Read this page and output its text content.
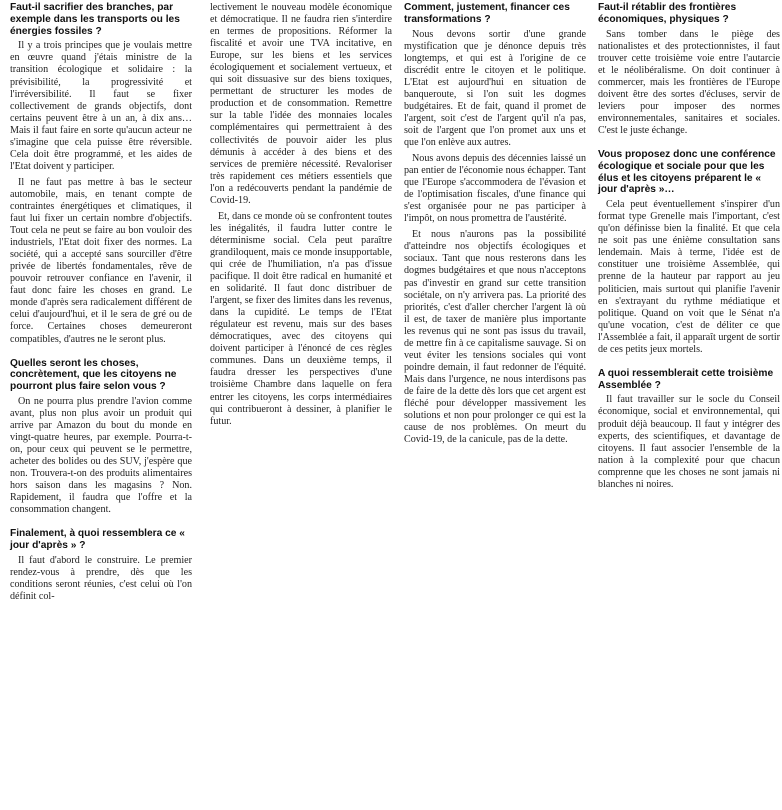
Faut-il sacrifier des branches, par exemple dans les transports ou les énergies fossiles ?

Il y a trois principes que je voulais mettre en œuvre quand j'étais ministre de la transition écologique et solidaire : la prévisibilité, la progressivité et l'irréversibilité. Il faut se fixer collectivement de grands objectifs, dont certains peuvent être à un an, à dix ans… Mais il faut faire en sorte qu'aucun acteur ne s'imagine que cela puisse être réversible. Cela doit être programmé, et les aides de l'Etat doivent y participer.

Il ne faut pas mettre à bas le secteur automobile, mais, en tenant compte de contraintes énergétiques et climatiques, il faut lui fixer un certain nombre d'objectifs. Tout cela ne peut se faire au bon vouloir des industriels, l'Etat doit fixer des normes. La société, qui a accepté sans sourciller d'être privée de libertés fondamentales, rêve de pouvoir retrouver confiance en l'avenir, il faut donc faire les choses en grand. Le monde d'après sera radicalement différent de celui d'aujourd'hui, et il le sera de gré ou de force. Certaines choses demeureront compatibles, d'autres ne le seront plus.

Quelles seront les choses, concrètement, que les citoyens ne pourront plus faire selon vous ?

On ne pourra plus prendre l'avion comme avant, plus non plus avoir un produit qui arrive par Amazon du bout du monde en vingt-quatre heures, par exemple. Pourra-t-on, pour ceux qui peuvent se le permettre, acheter des bolides ou des SUV, j'espère que non. Trouvera-t-on des produits alimentaires hors saison dans les magasins ? Non. Rapidement, il faudra que l'offre et la consommation changent.

Finalement, à quoi ressemblera ce « jour d'après » ?

Il faut d'abord le construire. Le premier rendez-vous à prendre, dès que les conditions seront réunies, c'est celui où l'on définit col-

lectivement le nouveau modèle économique et démocratique. Il ne faudra rien s'interdire en termes de propositions. Réformer la fiscalité et avoir une TVA incitative, en Europe, sur les biens et les services écologiquement et socialement vertueux, et qui soit dissuasive sur des biens toxiques, permettant de structurer les modes de production et de consommation. Remettre sur la table l'idée des monnaies locales complémentaires qui permettraient à des collectivités de pouvoir aider les plus démunis à accéder à des biens et des services de première nécessité. Revaloriser très rapidement ces métiers essentiels que l'on a redécouverts pendant la pandémie de Covid-19.

Et, dans ce monde où se confrontent toutes les inégalités, il faudra lutter contre le déterminisme social. Cela peut paraître grandiloquent, mais ce monde insupportable, qui crée de l'humiliation, n'a pas d'issue pacifique. Il doit être radical en humanité et en solidarité. Il faut donc distribuer de l'argent, se fixer des limites dans les revenus, dans la cupidité. Le temps de l'Etat régulateur est revenu, mais sur des bases démocratiques, avec des citoyens qui doivent participer à l'énoncé de ces règles communes. Dans un deuxième temps, il faudra dresser les perspectives d'une troisième Chambre dans laquelle on fera entrer les citoyens, les corps intermédiaires qui contribueront à dessiner, à planifier le futur.

Comment, justement, financer ces transformations ?

Nous devons sortir d'une grande mystification que je dénonce depuis très longtemps, et qui est à l'origine de ce discrédit entre le citoyen et le politique. L'Etat est aujourd'hui en situation de banqueroute, si l'on suit les dogmes budgétaires. Et de fait, quand il promet de l'argent, soit c'est de l'argent qu'il n'a pas, soit de l'argent que l'on promet aux uns et que l'on enlève aux autres.

Nous avons depuis des décennies laissé un pan entier de l'économie nous échapper. Tant que l'Europe s'accommodera de l'évasion et de l'optimisation fiscales, d'une finance qui s'est organisée pour ne pas participer à l'impôt, on nous promettra de l'austérité.

Et nous n'aurons pas la possibilité d'atteindre nos objectifs écologiques et sociaux. Tant que nous resterons dans les dogmes budgétaires et que nous n'acceptons pas d'investir en grand sur cette transition sociétale, on n'y arrivera pas. La priorité des priorités, c'est d'aller chercher l'argent là où il est, de taxer de manière plus importante les revenus qui ne sont pas issus du travail, de mettre fin à ce capitalisme sauvage. Si on veut éviter les tensions sociales qui vont poindre demain, il faut redonner de l'équité. Mais dans l'urgence, ne nous interdisons pas de faire de la dette dès lors que cet argent est fléché pour développer massivement les solutions et non pour prolonger ce qui est la cause de nos problèmes. On meurt du Covid-19, de la canicule, pas de la dette.

Faut-il rétablir des frontières économiques, physiques ?

Sans tomber dans le piège des nationalistes et des protectionnistes, il faut trouver cette troisième voie entre l'autarcie et le néolibéralisme. On doit continuer à commercer, mais les frontières de l'Europe doivent être des sortes d'écluses, servir de leviers pour imposer des normes environnementales, sanitaires et sociales. C'est le juste échange.

Vous proposez donc une conférence écologique et sociale pour que les élus et les citoyens préparent le « jour d'après »…

Cela peut éventuellement s'inspirer d'un format type Grenelle mais l'important, c'est qu'on définisse bien la finalité. Et que cela ne soit pas une énième consultation sans lendemain. Mais à terme, l'idée est de constituer une troisième Assemblée, qui prenne de la hauteur par rapport au jeu politicien, mais surtout qui planifie l'avenir en s'extrayant du rythme médiatique et politique. Quand on voit que le Sénat n'a qu'une vocation, c'est de déliter ce que l'Assemblée a fait, il apparaît urgent de sortir de ces petits jeux mortels.

A quoi ressemblerait cette troisième Assemblée ?

Il faut travailler sur le socle du Conseil économique, social et environnemental, qui produit déjà beaucoup. Il faut y intégrer des experts, des scientifiques, et davantage de citoyens. Il faut associer l'ensemble de la nation à la complexité pour que chacun comprenne que les choses ne sont jamais ni blanches ni noires.
